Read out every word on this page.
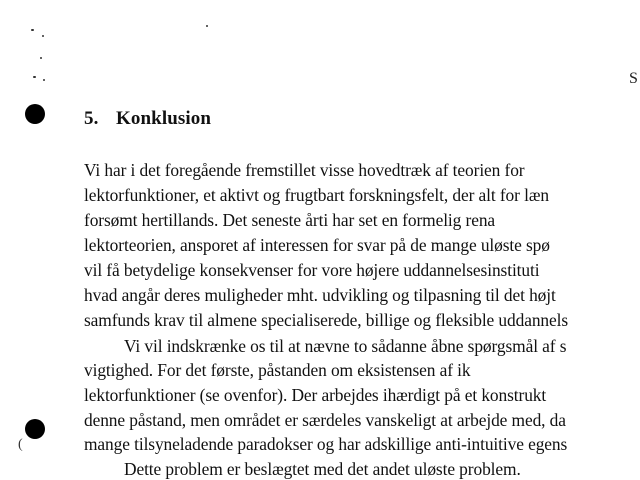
(
S
5. Konklusion
Vi har i det foregående fremstillet visse hovedtræk af teorien for
lektorfunktioner, et aktivt og frugtbart forskningsfelt, der alt for læn
forsømt hertillands. Det seneste årti har set en formelig rena
lektorteorien, ansporet af interessen for svar på de mange uløste spø
vil få betydelige konsekvenser for vore højere uddannelsesinstituti
hvad angår deres muligheder mht. udvikling og tilpasning til det højt
samfunds krav til almene specialiserede, billige og fleksible uddannels
Vi vil indskrænke os til at nævne to sådanne åbne spørgsmål af s
vigtighed. For det første, påstanden om eksistensen af ik
lektorfunktioner (se ovenfor). Der arbejdes ihærdigt på et konstrukt
denne påstand, men området er særdeles vanskeligt at arbejde med, da
mange tilsyneladende paradokser og har adskillige anti-intuitive egens
Dette problem er beslægtet med det andet uløste problem.
